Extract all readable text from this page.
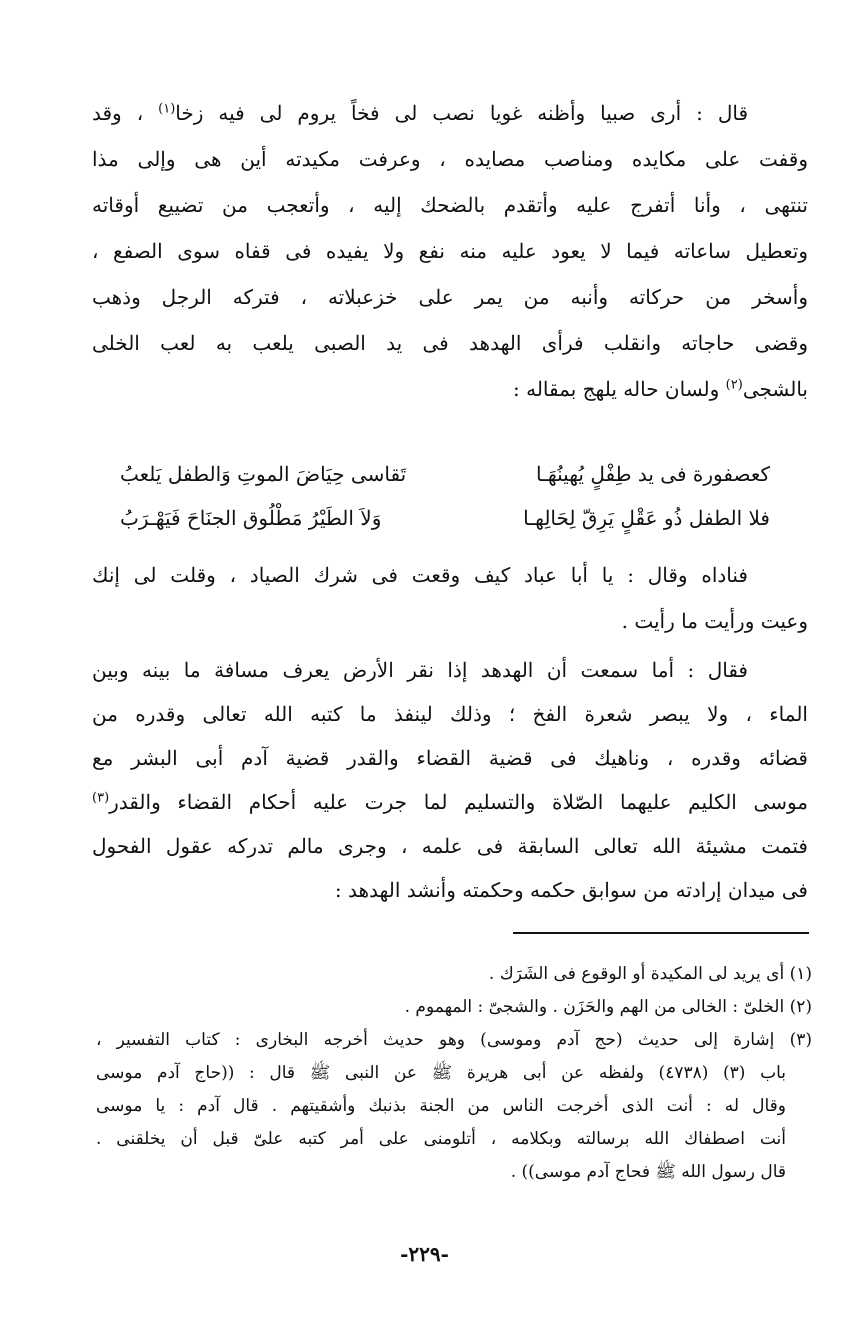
قال : أرى صبيا وأظنه غويا نصب لى فخاً يروم لى فيه زخا$^{(١)}$ ، وقد
وقفت على مكايده ومناصب مصايده ، وعرفت مكيدته أين هى وإلى مذا
تنتهى ، وأنا أتفرج عليه وأتقدم بالضحك إليه ، وأتعجب من تضييع أوقاته
وتعطيل ساعاته فيما لا يعود عليه منه نفع ولا يفيده فى قفاه سوى الصفع ،
وأسخر من حركاته وأنبه من يمر على خزعبلاته ، فتركه الرجل وذهب
وقضى حاجاته وانقلب فرأى الهدهد فى يد الصبى يلعب به لعب الخلى
بالشجى$^{(٢)}$ ولسان حاله يلهج بمقاله :
كعصفورة فى يد طِفْلٍ يُهينُهَـا
تَقاسى حِيَاضَ الموتِ وَالطفل يَلعبُ
فلا الطفل ذُو عَقْلٍ يَرِقّ لِحَالِهـا
وَلاَ الطَيْرُ مَطْلُوق الجنَاحَ فَيَهْـرَبُ
فناداه وقال : يا أبا عباد كيف وقعت فى شرك الصياد ، وقلت لى إنك
وعيت ورأيت ما رأيت .
فقال : أما سمعت أن الهدهد إذا نقر الأرض يعرف مسافة ما بينه وبين
الماء ، ولا يبصر شعرة الفخ ؛ وذلك لينفذ ما كتبه الله تعالى وقدره من
قضائه وقدره ، وناهيك فى قضية القضاء والقدر قضية آدم أبى البشر مع
موسى الكليم عليهما الصّلاة والتسليم لما جرت عليه أحكام القضاء والقدر$^{(٣)}$
فتمت مشيئة الله تعالى السابقة فى علمه ، وجرى مالم تدركه عقول الفحول
فى ميدان إرادته من سوابق حكمه وحكمته وأنشد الهدهد :
(١) أى يريد لى المكيدة أو الوقوع فى الشَرَك .
(٢) الخلىّ : الخالى من الهم والحَزَن . والشجىّ : المهموم .
(٣) إشارة إلى حديث (حج آدم وموسى) وهو حديث أخرجه البخارى : كتاب التفسير ،
باب (٣) (٤٧٣٨) ولفظه عن أبى هريرة ﷺ عن النبى ﷺ قال : ((حاج آدم موسى
وقال له : أنت الذى أخرجت الناس من الجنة بذنبك وأشقيتهم . قال آدم : يا موسى
أنت اصطفاك الله برسالته وبكلامه ، أتلومنى على أمر كتبه علىّ قبل أن يخلقنى .
قال رسول الله ﷺ فحاج آدم موسى)) .
-٢٢٩-
